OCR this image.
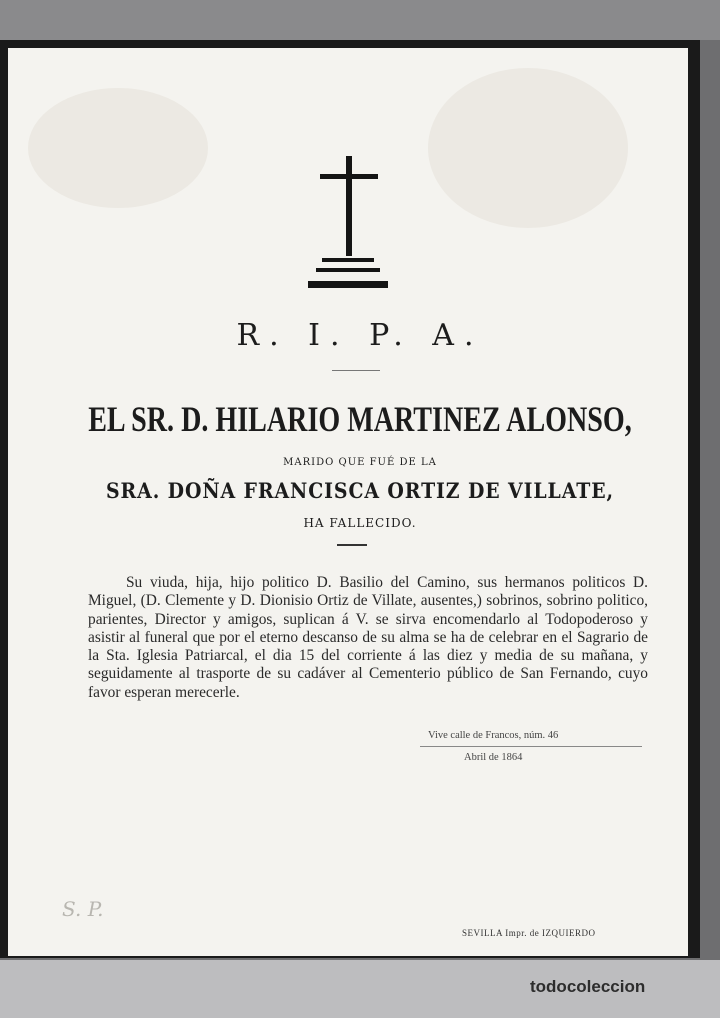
R. I. P. A.
EL SR. D. HILARIO MARTINEZ ALONSO,
MARIDO QUE FUÉ DE LA
SRA. DOÑA FRANCISCA ORTIZ DE VILLATE,
HA FALLECIDO.

Su viuda, hija, hijo politico D. Basilio del Camino, sus hermanos politicos D. Miguel, (D. Clemente y D. Dionisio Ortiz de Villate, ausentes,) sobrinos, sobrino politico, parientes, Director y amigos, suplican á V. se sirva encomendarlo al Todopoderoso y asistir al funeral que por el eterno descanso de su alma se ha de celebrar en el Sagrario de la Sta. Iglesia Patriarcal, el dia 15 del corriente á las diez y media de su mañana, y seguidamente al trasporte de su cadáver al Cementerio público de San Fernando, cuyo favor esperan merecerle.

Vive calle de Francos, núm. 46
Abril de 1864
S. P.
SEVILLA Impr. de IZQUIERDO
todocoleccion
